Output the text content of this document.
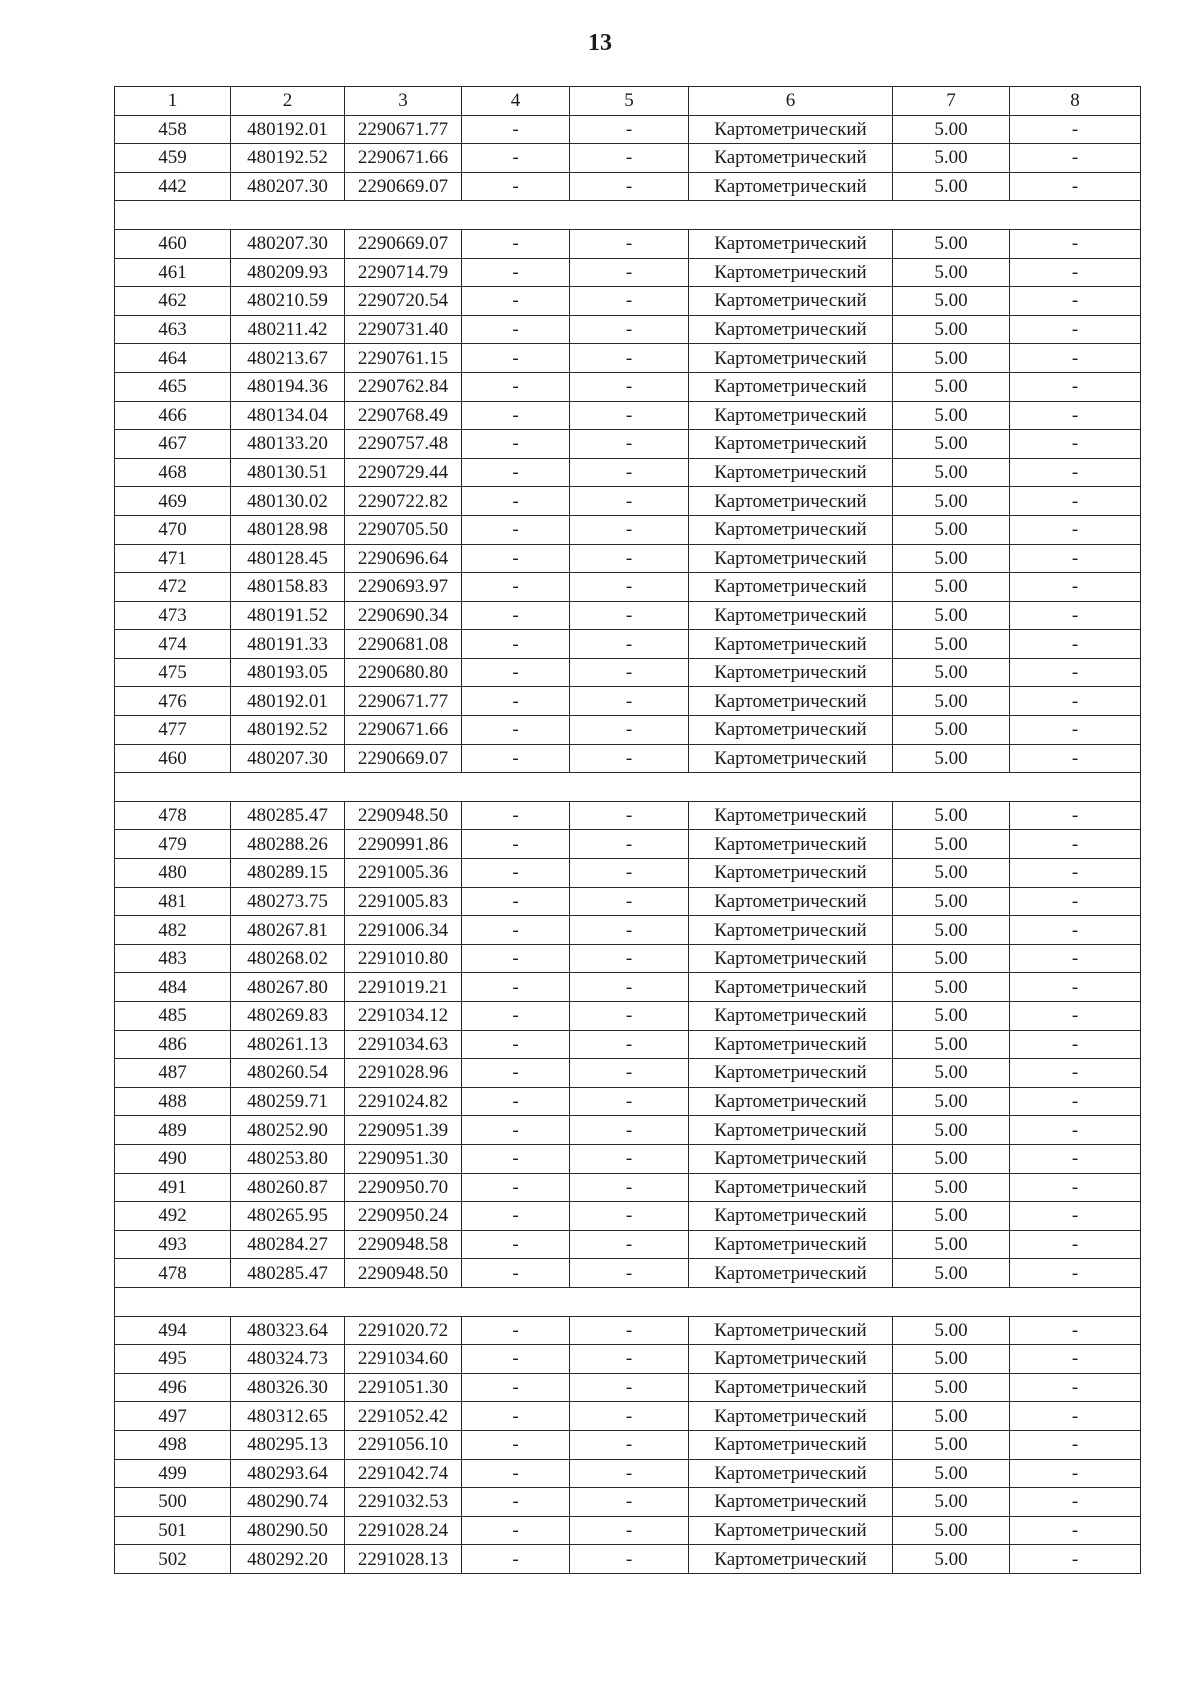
13
1	2	3	4	5	6	7	8
458	480192.01	2290671.77	-	-	Картометрический	5.00	-
459	480192.52	2290671.66	-	-	Картометрический	5.00	-
442	480207.30	2290669.07	-	-	Картометрический	5.00	-

460	480207.30	2290669.07	-	-	Картометрический	5.00	-
461	480209.93	2290714.79	-	-	Картометрический	5.00	-
462	480210.59	2290720.54	-	-	Картометрический	5.00	-
463	480211.42	2290731.40	-	-	Картометрический	5.00	-
464	480213.67	2290761.15	-	-	Картометрический	5.00	-
465	480194.36	2290762.84	-	-	Картометрический	5.00	-
466	480134.04	2290768.49	-	-	Картометрический	5.00	-
467	480133.20	2290757.48	-	-	Картометрический	5.00	-
468	480130.51	2290729.44	-	-	Картометрический	5.00	-
469	480130.02	2290722.82	-	-	Картометрический	5.00	-
470	480128.98	2290705.50	-	-	Картометрический	5.00	-
471	480128.45	2290696.64	-	-	Картометрический	5.00	-
472	480158.83	2290693.97	-	-	Картометрический	5.00	-
473	480191.52	2290690.34	-	-	Картометрический	5.00	-
474	480191.33	2290681.08	-	-	Картометрический	5.00	-
475	480193.05	2290680.80	-	-	Картометрический	5.00	-
476	480192.01	2290671.77	-	-	Картометрический	5.00	-
477	480192.52	2290671.66	-	-	Картометрический	5.00	-
460	480207.30	2290669.07	-	-	Картометрический	5.00	-

478	480285.47	2290948.50	-	-	Картометрический	5.00	-
479	480288.26	2290991.86	-	-	Картометрический	5.00	-
480	480289.15	2291005.36	-	-	Картометрический	5.00	-
481	480273.75	2291005.83	-	-	Картометрический	5.00	-
482	480267.81	2291006.34	-	-	Картометрический	5.00	-
483	480268.02	2291010.80	-	-	Картометрический	5.00	-
484	480267.80	2291019.21	-	-	Картометрический	5.00	-
485	480269.83	2291034.12	-	-	Картометрический	5.00	-
486	480261.13	2291034.63	-	-	Картометрический	5.00	-
487	480260.54	2291028.96	-	-	Картометрический	5.00	-
488	480259.71	2291024.82	-	-	Картометрический	5.00	-
489	480252.90	2290951.39	-	-	Картометрический	5.00	-
490	480253.80	2290951.30	-	-	Картометрический	5.00	-
491	480260.87	2290950.70	-	-	Картометрический	5.00	-
492	480265.95	2290950.24	-	-	Картометрический	5.00	-
493	480284.27	2290948.58	-	-	Картометрический	5.00	-
478	480285.47	2290948.50	-	-	Картометрический	5.00	-

494	480323.64	2291020.72	-	-	Картометрический	5.00	-
495	480324.73	2291034.60	-	-	Картометрический	5.00	-
496	480326.30	2291051.30	-	-	Картометрический	5.00	-
497	480312.65	2291052.42	-	-	Картометрический	5.00	-
498	480295.13	2291056.10	-	-	Картометрический	5.00	-
499	480293.64	2291042.74	-	-	Картометрический	5.00	-
500	480290.74	2291032.53	-	-	Картометрический	5.00	-
501	480290.50	2291028.24	-	-	Картометрический	5.00	-
502	480292.20	2291028.13	-	-	Картометрический	5.00	-
